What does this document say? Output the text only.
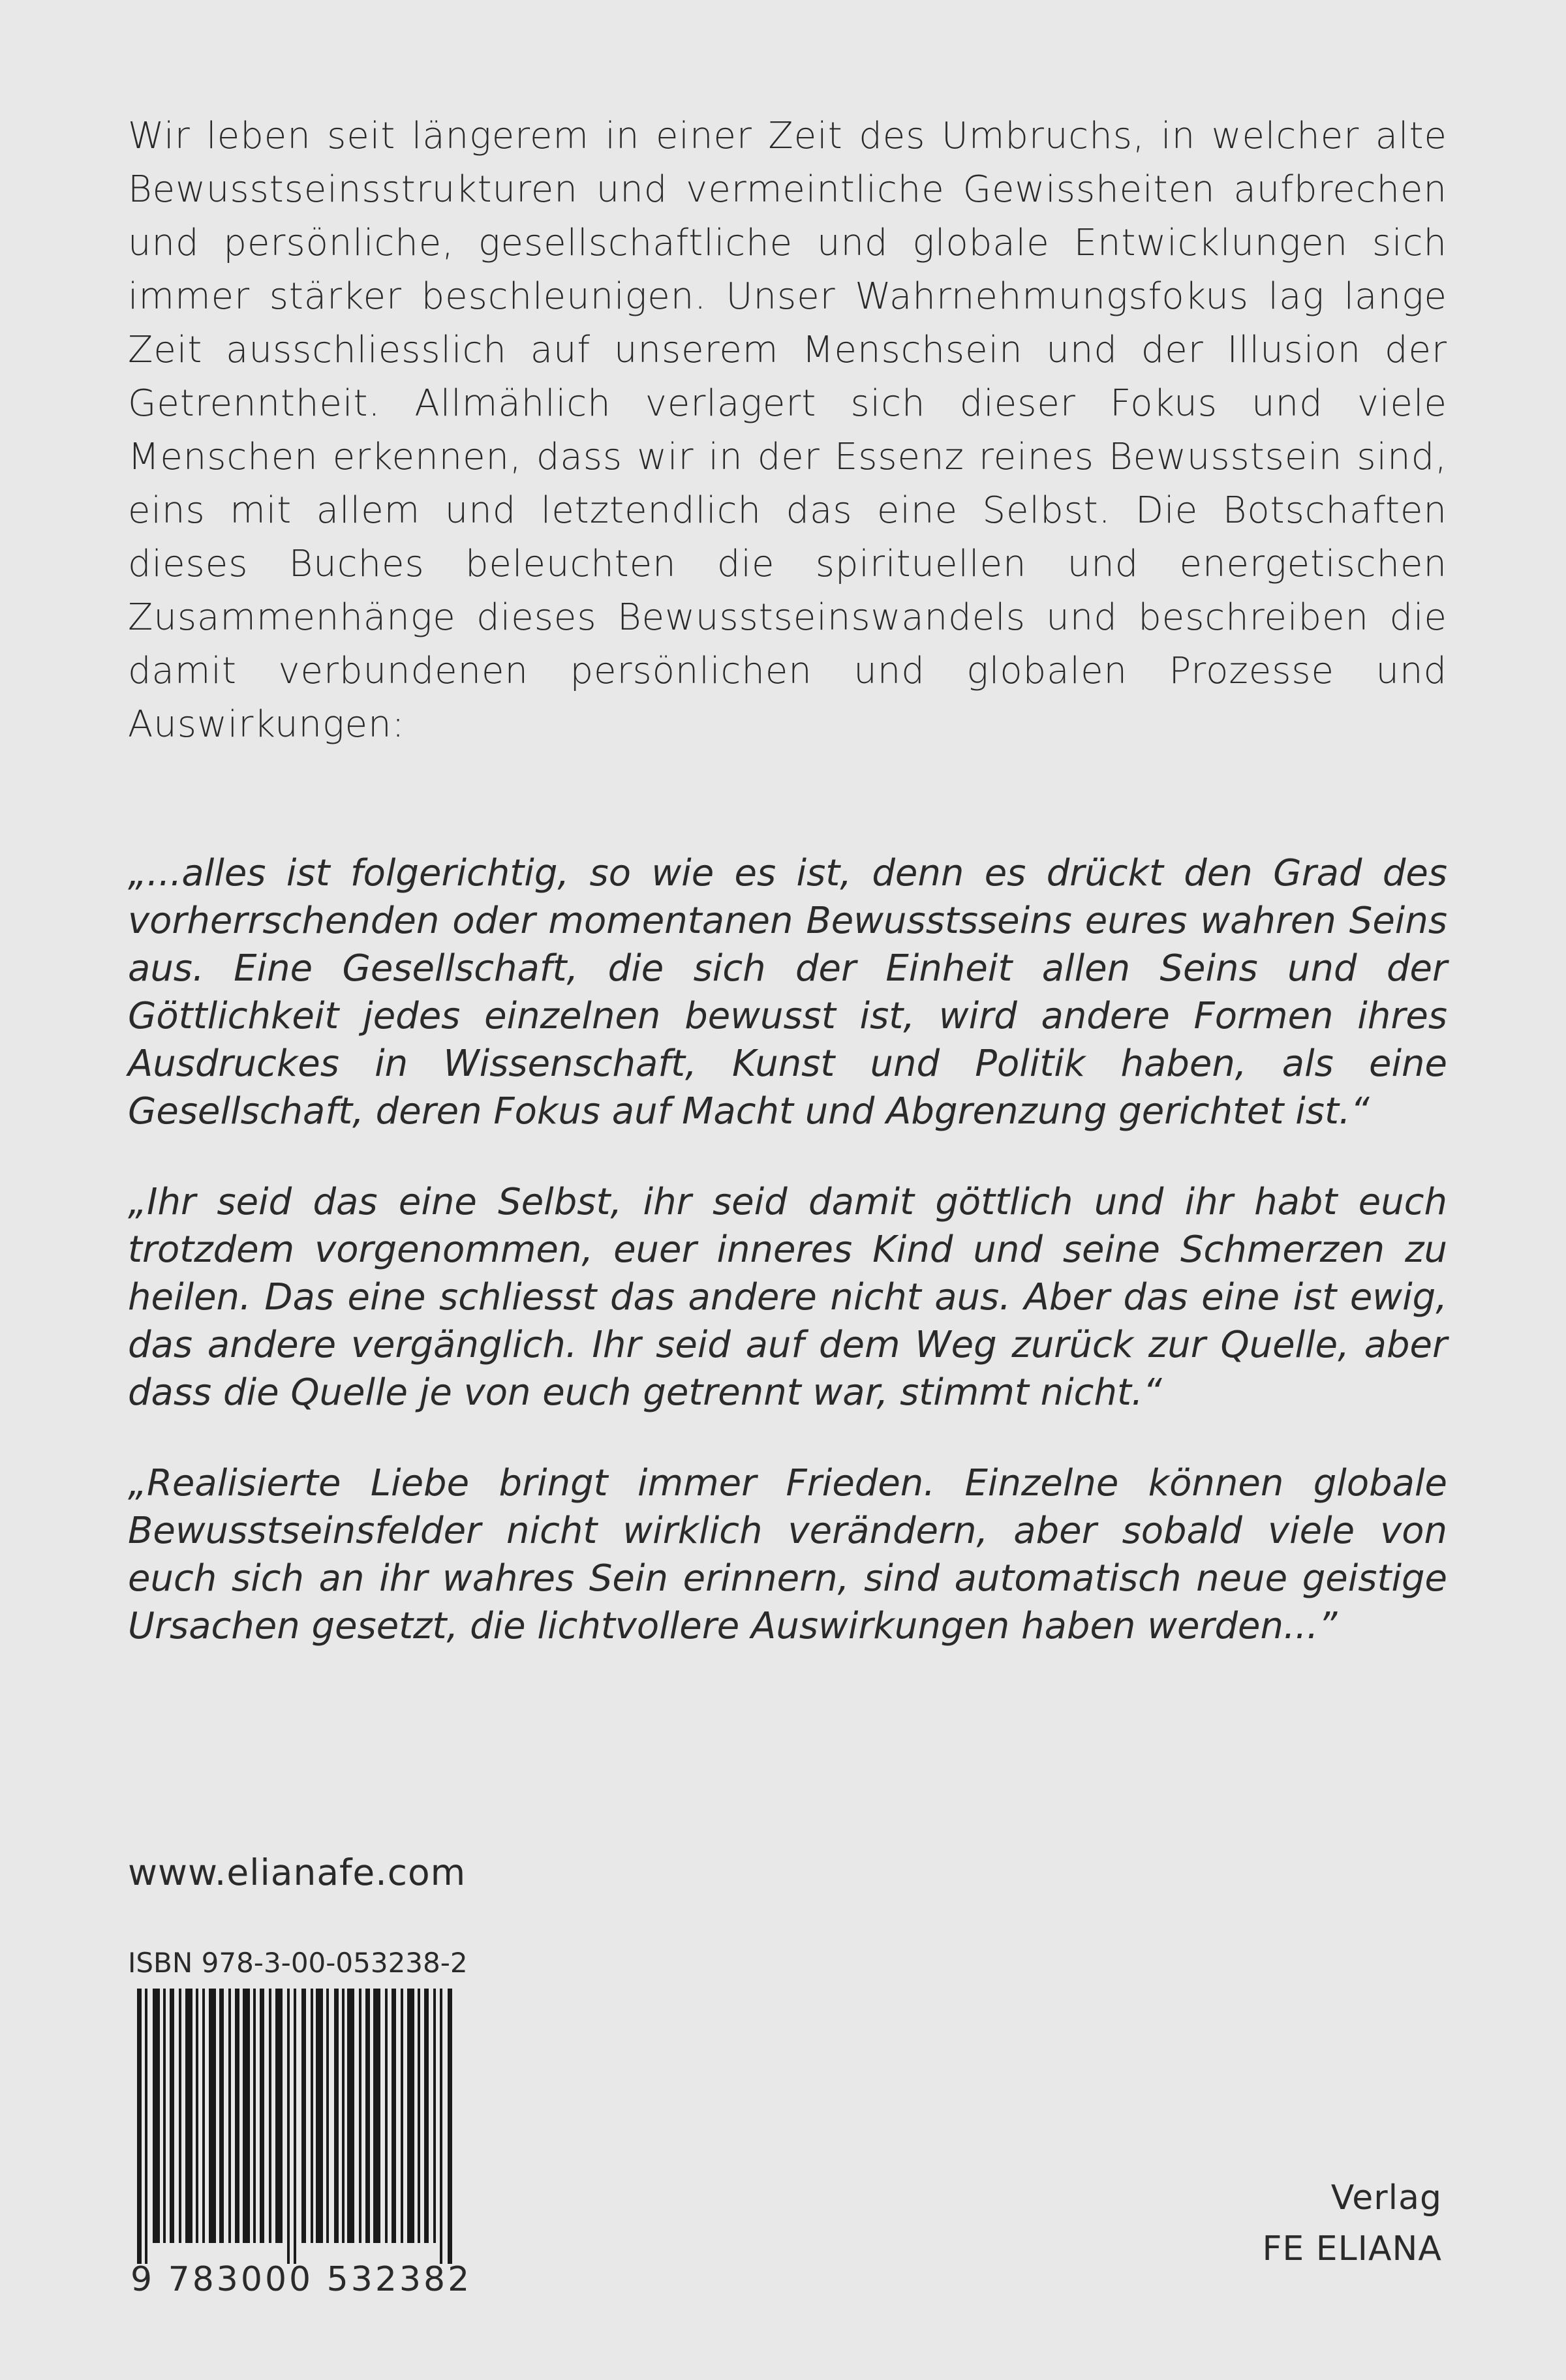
Wir leben seit längerem in einer Zeit des Umbruchs, in welcher alte Bewusstseinsstrukturen und vermeintliche Gewissheiten aufbrechen und persönliche, gesellschaftliche und globale Entwicklungen sich immer stärker beschleunigen. Unser Wahrnehmungsfokus lag lange Zeit ausschliesslich auf unserem Menschsein und der Illusion der Getrenntheit. Allmählich verlagert sich dieser Fokus und viele Menschen erkennen, dass wir in der Essenz reines Bewusstsein sind, eins mit allem und letztendlich das eine Selbst. Die Botschaften dieses Buches beleuchten die spirituellen und energetischen Zusammenhänge dieses Bewusstseinswandels und beschreiben die damit verbundenen persönlichen und globalen Prozesse und Auswirkungen:

„...alles ist folgerichtig, so wie es ist, denn es drückt den Grad des vorherrschenden oder momentanen Bewusstsseins eures wahren Seins aus. Eine Gesellschaft, die sich der Einheit allen Seins und der Göttlichkeit jedes einzelnen bewusst ist, wird andere Formen ihres Ausdruckes in Wissenschaft, Kunst und Politik haben, als eine Gesellschaft, deren Fokus auf Macht und Abgrenzung gerichtet ist.“

„Ihr seid das eine Selbst, ihr seid damit göttlich und ihr habt euch trotzdem vorgenommen, euer inneres Kind und seine Schmerzen zu heilen. Das eine schliesst das andere nicht aus. Aber das eine ist ewig, das andere vergänglich. Ihr seid auf dem Weg zurück zur Quelle, aber dass die Quelle je von euch getrennt war, stimmt nicht.“

„Realisierte Liebe bringt immer Frieden. Einzelne können globale Bewusstseinsfelder nicht wirklich verändern, aber sobald viele von euch sich an ihr wahres Sein erinnern, sind automatisch neue geistige Ursachen gesetzt, die lichtvollere Auswirkungen haben werden...”

www.elianafe.com
ISBN 978-3-00-053238-2
9 783000 532382
Verlag
FE ELIANA
